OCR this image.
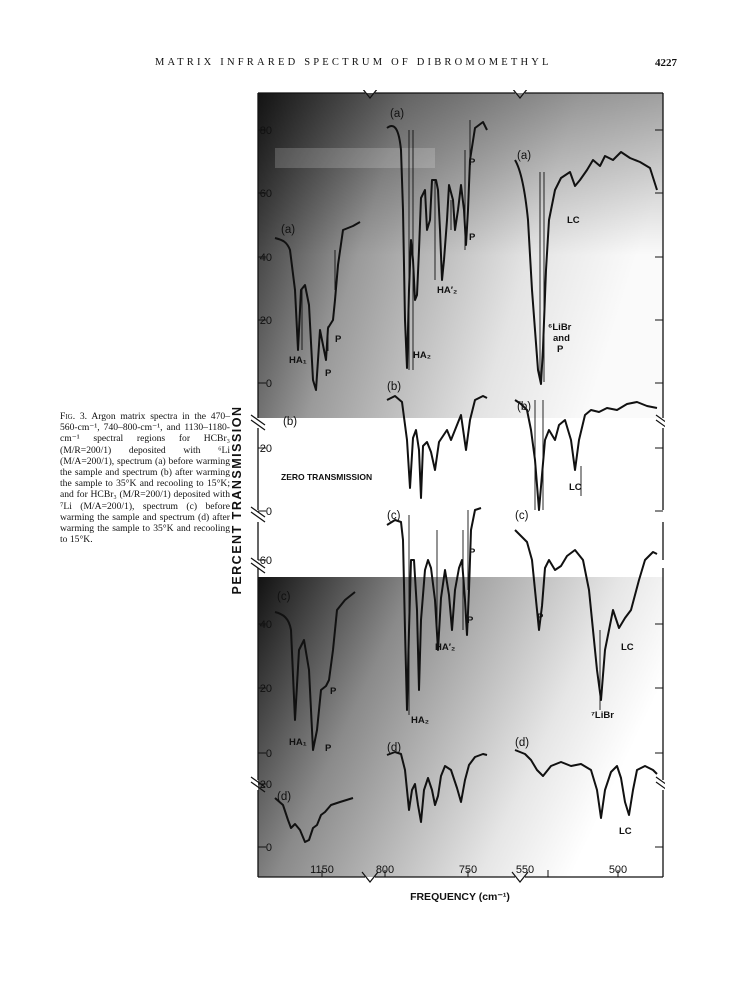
MATRIX INFRARED SPECTRUM OF DIBROMOMETHYL	4227
Fig. 3. Argon matrix spectra in the 470–560-cm⁻¹, 740–800-cm⁻¹, and 1130–1180-cm⁻¹ spectral regions for HCBr₃ (M/R=200/1) deposited with ⁶Li (M/A=200/1), spectrum (a) before warming the sample and spectrum (b) after warming the sample to 35°K and recooling to 15°K; and for HCBr₃ (M/R=200/1) deposited with ⁷Li (M/A=200/1), spectrum (c) before warming the sample and spectrum (d) after warming the sample to 35°K and recooling to 15°K.
80
60
40
20
0
20
0
60
40
20
0
20
0
PERCENT TRANSMISSION
FREQUENCY (cm⁻¹)
1150	800	750	550	500
(a)
(a)
(a)
(b)
(b)
(b)
(c)	(c)
(c)
(d)	(d)
(d)
P
P
HA′₂
HA₂
LC
⁶LiBr
and
P
HA₁
P
P
ZERO TRANSMISSION
LC
P
P
HA′₂
HA₂
P
LC
⁷LiBr
P
HA₁
P
LC
